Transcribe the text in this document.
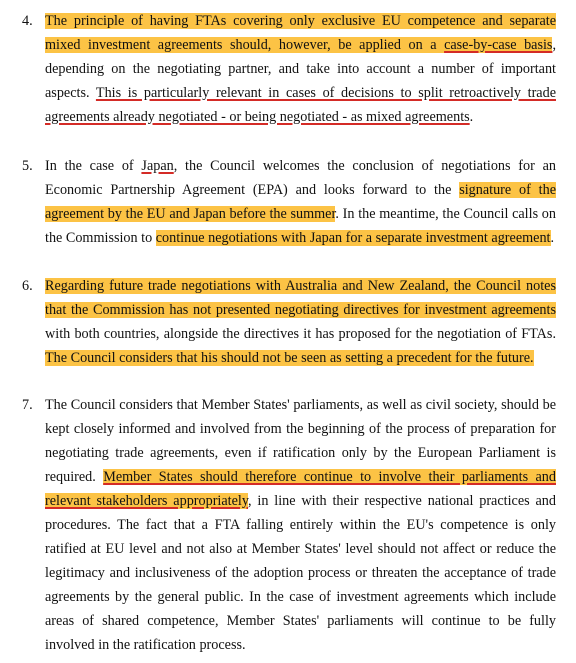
4. The principle of having FTAs covering only exclusive EU competence and separate mixed investment agreements should, however, be applied on a case-by-case basis, depending on the negotiating partner, and take into account a number of important aspects. This is particularly relevant in cases of decisions to split retroactively trade agreements already negotiated - or being negotiated - as mixed agreements.
5. In the case of Japan, the Council welcomes the conclusion of negotiations for an Economic Partnership Agreement (EPA) and looks forward to the signature of the agreement by the EU and Japan before the summer. In the meantime, the Council calls on the Commission to continue negotiations with Japan for a separate investment agreement.
6. Regarding future trade negotiations with Australia and New Zealand, the Council notes that the Commission has not presented negotiating directives for investment agreements with both countries, alongside the directives it has proposed for the negotiation of FTAs. The Council considers that his should not be seen as setting a precedent for the future.
7. The Council considers that Member States' parliaments, as well as civil society, should be kept closely informed and involved from the beginning of the process of preparation for negotiating trade agreements, even if ratification only by the European Parliament is required. Member States should therefore continue to involve their parliaments and relevant stakeholders appropriately, in line with their respective national practices and procedures. The fact that a FTA falling entirely within the EU's competence is only ratified at EU level and not also at Member States' level should not affect or reduce the legitimacy and inclusiveness of the adoption process or threaten the acceptance of trade agreements by the general public. In the case of investment agreements which include areas of shared competence, Member States' parliaments will continue to be fully involved in the ratification process.
